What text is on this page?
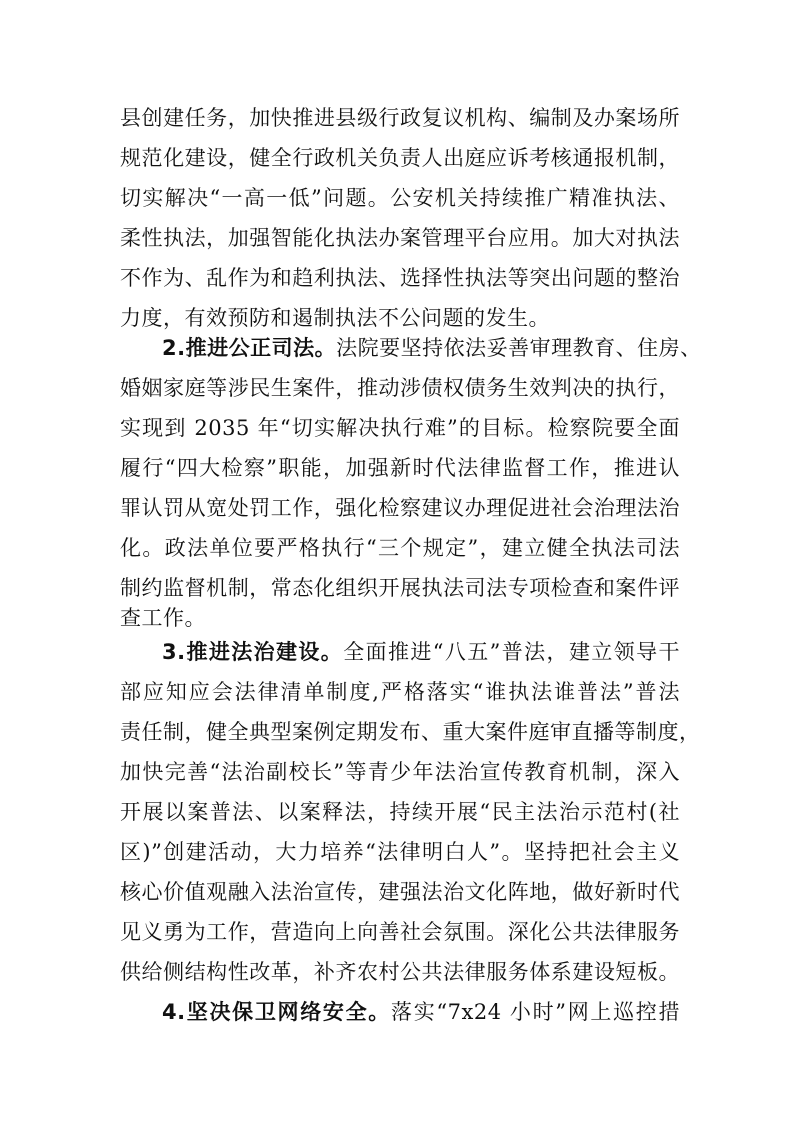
县创建任务，加快推进县级行政复议机构、编制及办案场所
规范化建设，健全行政机关负责人出庭应诉考核通报机制，
切实解决“一高一低”问题。公安机关持续推广精准执法、
柔性执法，加强智能化执法办案管理平台应用。加大对执法
不作为、乱作为和趋利执法、选择性执法等突出问题的整治
力度，有效预防和遏制执法不公问题的发生。
2.推进公正司法。法院要坚持依法妥善审理教育、住房、
婚姻家庭等涉民生案件，推动涉债权债务生效判决的执行，
实现到 2035 年“切实解决执行难”的目标。检察院要全面
履行“四大检察”职能，加强新时代法律监督工作，推进认
罪认罚从宽处罚工作，强化检察建议办理促进社会治理法治
化。政法单位要严格执行“三个规定”，建立健全执法司法
制约监督机制，常态化组织开展执法司法专项检查和案件评
查工作。
3.推进法治建设。全面推进“八五”普法，建立领导干
部应知应会法律清单制度,严格落实“谁执法谁普法”普法
责任制，健全典型案例定期发布、重大案件庭审直播等制度，
加快完善“法治副校长”等青少年法治宣传教育机制，深入
开展以案普法、以案释法，持续开展“民主法治示范村(社
区)”创建活动，大力培养“法律明白人”。坚持把社会主义
核心价值观融入法治宣传，建强法治文化阵地，做好新时代
见义勇为工作，营造向上向善社会氛围。深化公共法律服务
供给侧结构性改革，补齐农村公共法律服务体系建设短板。
4.坚决保卫网络安全。落实“7x24 小时”网上巡控措
